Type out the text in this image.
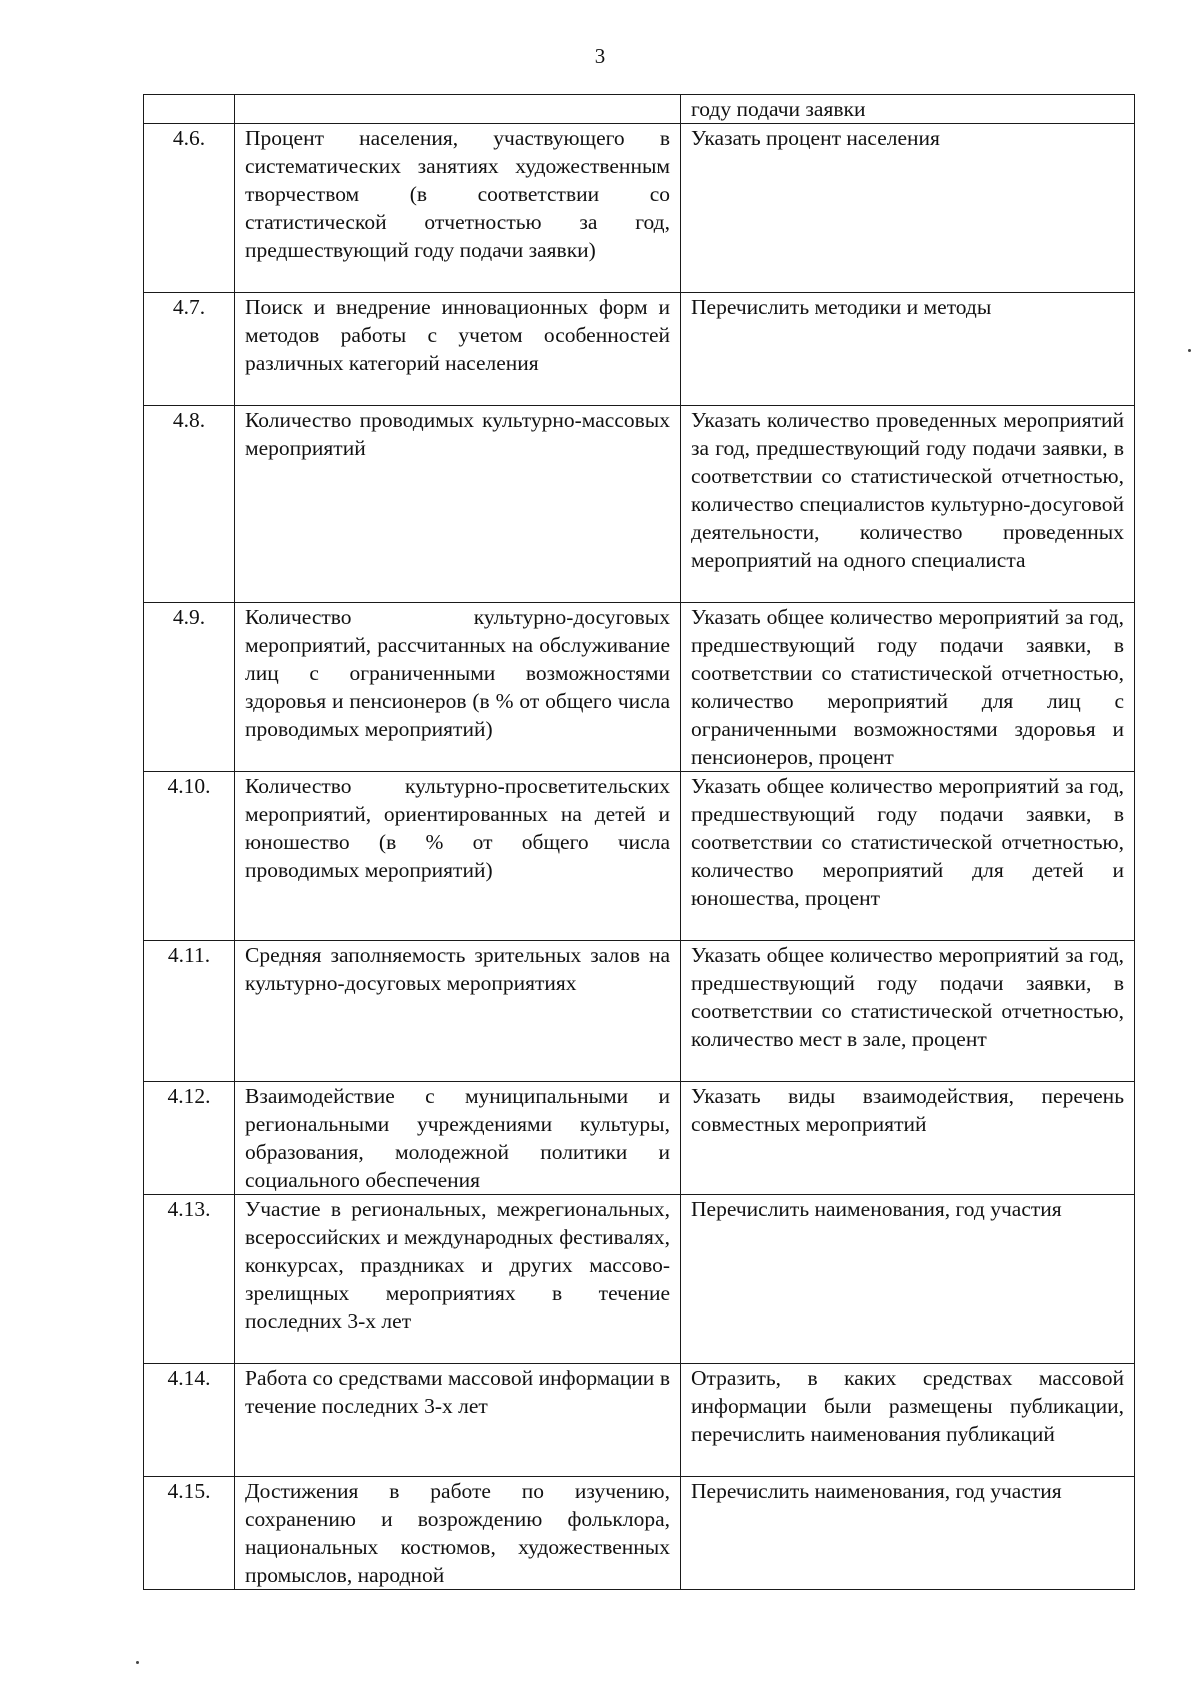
3
		году подачи заявки
4.6.	Процент населения, участвующего в систематических занятиях художественным творчеством (в соответствии со статистической отчетностью за год, предшествующий году подачи заявки)	Указать процент населения
4.7.	Поиск и внедрение инновационных форм и методов работы с учетом особенностей различных категорий населения	Перечислить методики и методы
4.8.	Количество проводимых культурно-массовых мероприятий	Указать количество проведенных мероприятий за год, предшествующий году подачи заявки, в соответствии со статистической отчетностью, количество специалистов культурно-досуговой деятельности, количество проведенных мероприятий на одного специалиста
4.9.	Количество культурно-досуговых мероприятий, рассчитанных на обслуживание лиц с ограниченными возможностями здоровья и пенсионеров (в % от общего числа проводимых мероприятий)	Указать общее количество мероприятий за год, предшествующий году подачи заявки, в соответствии со статистической отчетностью, количество мероприятий для лиц с ограниченными возможностями здоровья и пенсионеров, процент
4.10.	Количество культурно-просветительских мероприятий, ориентированных на детей и юношество (в % от общего числа проводимых мероприятий)	Указать общее количество мероприятий за год, предшествующий году подачи заявки, в соответствии со статистической отчетностью, количество мероприятий для детей и юношества, процент
4.11.	Средняя заполняемость зрительных залов на культурно-досуговых мероприятиях	Указать общее количество мероприятий за год, предшествующий году подачи заявки, в соответствии со статистической отчетностью, количество мест в зале, процент
4.12.	Взаимодействие с муниципальными и региональными учреждениями культуры, образования, молодежной политики и социального обеспечения	Указать виды взаимодействия, перечень совместных мероприятий
4.13.	Участие в региональных, межрегиональных, всероссийских и международных фестивалях, конкурсах, праздниках и других массово-зрелищных мероприятиях в течение последних 3-х лет	Перечислить наименования, год участия
4.14.	Работа со средствами массовой информации в течение последних 3-х лет	Отразить, в каких средствах массовой информации были размещены публикации, перечислить наименования публикаций
4.15.	Достижения в работе по изучению, сохранению и возрождению фольклора, национальных костюмов, художественных промыслов, народной	Перечислить наименования, год участия
